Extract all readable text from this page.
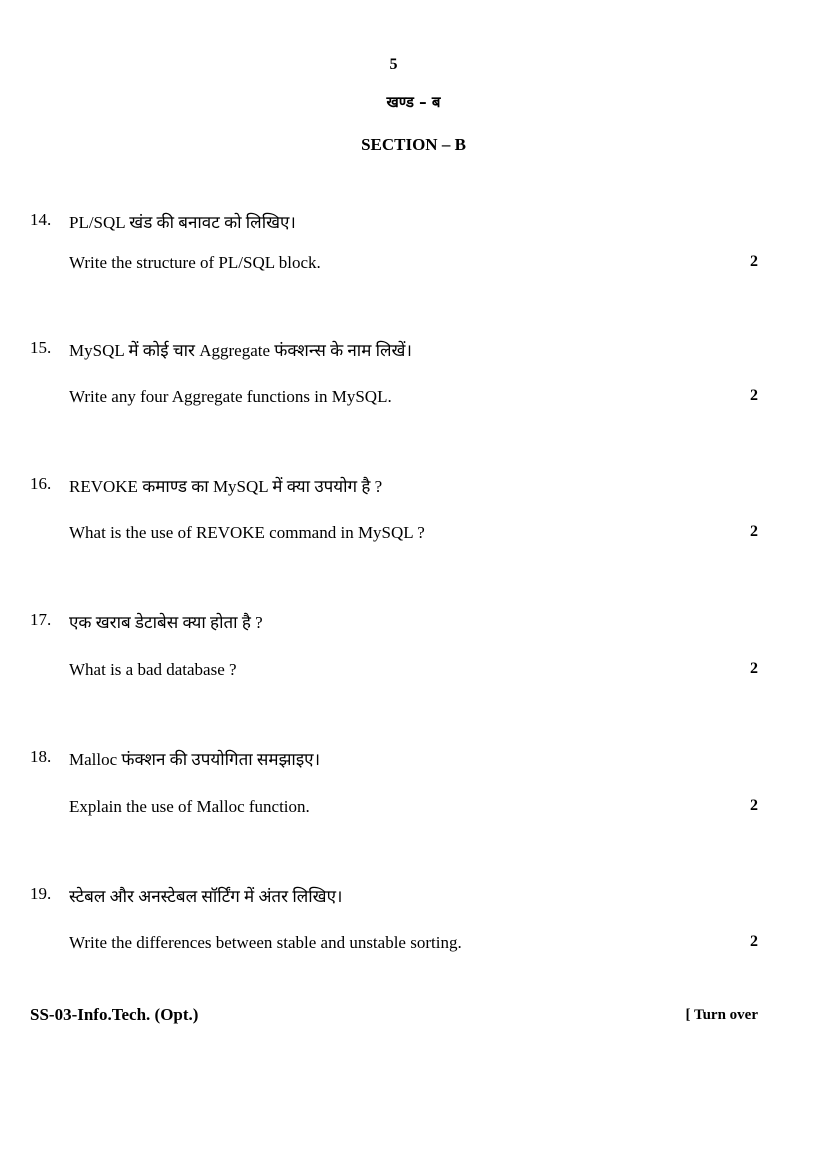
5
खण्ड – ब
SECTION – B
14. PL/SQL खंड की बनावट को लिखिए।
Write the structure of PL/SQL block.	2
15. MySQL में कोई चार Aggregate फंक्शन्स के नाम लिखें।
Write any four Aggregate functions in MySQL.	2
16. REVOKE कमाण्ड का MySQL में क्या उपयोग है ?
What is the use of REVOKE command in MySQL ?	2
17. एक खराब डेटाबेस क्या होता है ?
What is a bad database ?	2
18. Malloc फंक्शन की उपयोगिता समझाइए।
Explain the use of Malloc function.	2
19. स्टेबल और अनस्टेबल सॉर्टिंग में अंतर लिखिए।
Write the differences between stable and unstable sorting.	2
SS-03-Info.Tech. (Opt.)	[ Turn over
